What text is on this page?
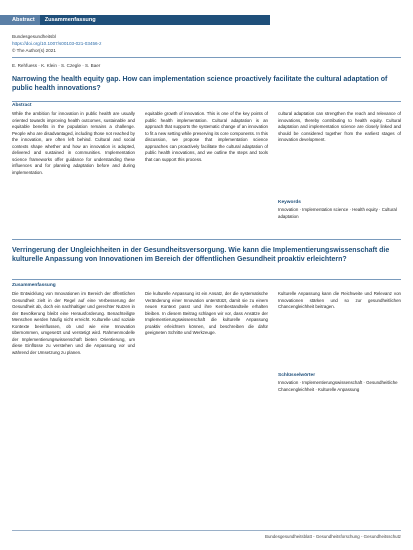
Abstract	Zusammenfassung
Bundesgesundheitsbl
https://doi.org/10.1007/s00103-021-03456-z
© The Author(s) 2021
E. Rehfuess · K. Klein · S. Czegle · S. Baer
Narrowing the health equity gap. How can implementation science proactively facilitate the cultural adaptation of public health innovations?
Abstract

While the ambition for innovation in public health are usually oriented towards improving health outcomes, sustainable and equitable benefits in the population remains a challenge. People who are disadvantaged, including those not reached by the innovation, are often left behind. Cultural and social contexts shape whether and how an innovation is adopted, delivered and sustained in communities. Implementation science frameworks offer guidance for understanding these influences and for planning adaptation before and during implementation.

equitable growth of innovation. This is one of the key points of public health implementation. Cultural adaptation is an approach that supports the systematic change of an innovation to fit a new setting while preserving its core components. In this discussion, we propose that implementation science approaches can proactively facilitate the cultural adaptation of public health innovations, and we outline the steps and tools that can support this process.

cultural adaptation can strengthen the reach and relevance of innovations, thereby contributing to health equity. Cultural adaptation and implementation science are closely linked and should be considered together from the earliest stages of innovation development.

Keywords
Innovation · Implementation science · Health equity · Cultural adaptation
Verringerung der Ungleichheiten in der Gesundheitsversorgung. Wie kann die Implementierungswissenschaft die kulturelle Anpassung von Innovationen im Bereich der öffentlichen Gesundheit proaktiv erleichtern?
Zusammenfassung

Die Entwicklung von Innovationen im Bereich der öffentlichen Gesundheit zielt in der Regel auf eine Verbesserung der Gesundheit ab, doch ein nachhaltiger und gerechter Nutzen in der Bevölkerung bleibt eine Herausforderung. Benachteiligte Menschen werden häufig nicht erreicht. Kulturelle und soziale Kontexte beeinflussen, ob und wie eine Innovation übernommen, umgesetzt und verstetigt wird. Rahmenmodelle der Implementierungswissenschaft bieten Orientierung, um diese Einflüsse zu verstehen und die Anpassung vor und während der Umsetzung zu planen.

Die kulturelle Anpassung ist ein Ansatz, der die systematische Veränderung einer Innovation unterstützt, damit sie zu einem neuen Kontext passt und ihre Kernbestandteile erhalten bleiben. In diesem Beitrag schlagen wir vor, dass Ansätze der Implementierungswissenschaft die kulturelle Anpassung proaktiv erleichtern können, und beschreiben die dafür geeigneten Schritte und Werkzeuge.

Kulturelle Anpassung kann die Reichweite und Relevanz von Innovationen stärken und so zur gesundheitlichen Chancengleichheit beitragen.

Schlüsselwörter
Innovation · Implementierungswissenschaft · Gesundheitliche Chancengleichheit · Kulturelle Anpassung
Bundesgesundheitsblatt - Gesundheitsforschung - Gesundheitsschutz
